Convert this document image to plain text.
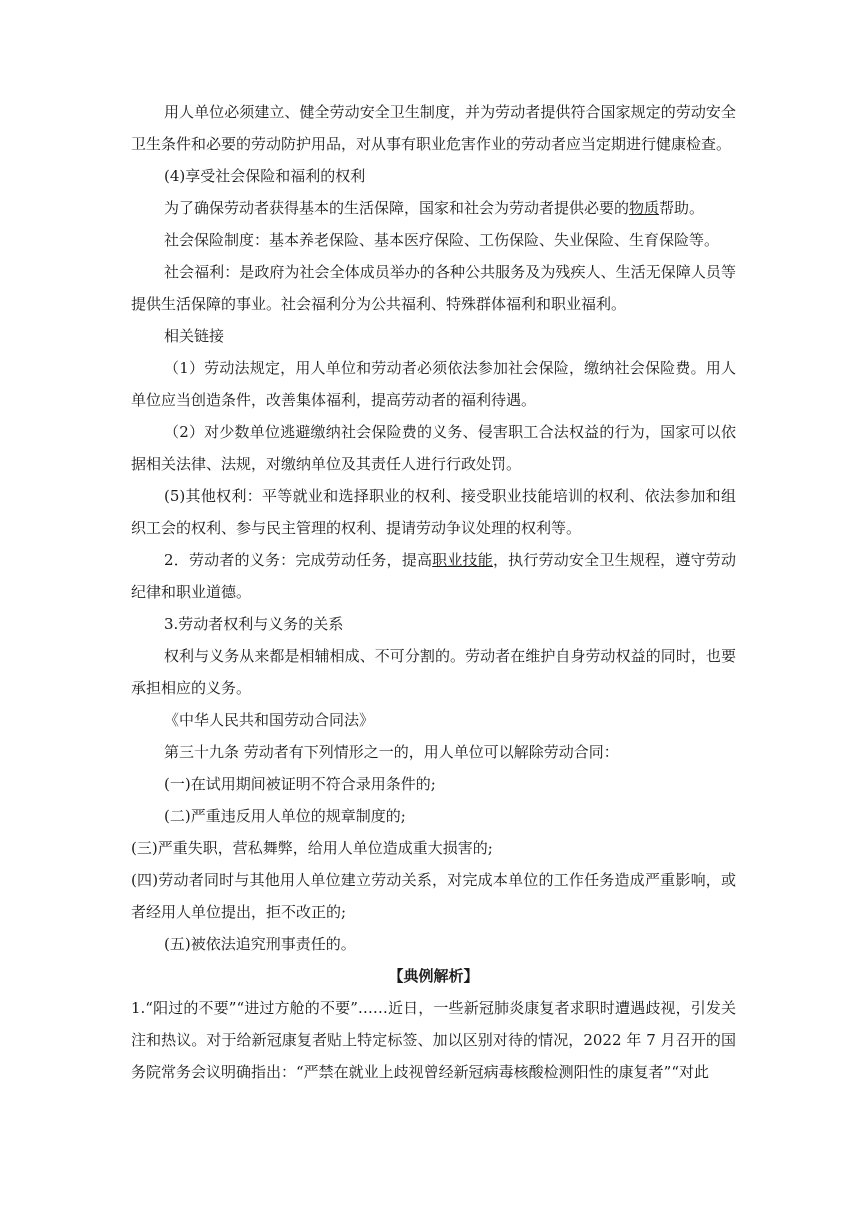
用人单位必须建立、健全劳动安全卫生制度，并为劳动者提供符合国家规定的劳动安全卫生条件和必要的劳动防护用品，对从事有职业危害作业的劳动者应当定期进行健康检查。

(4)享受社会保险和福利的权利

为了确保劳动者获得基本的生活保障，国家和社会为劳动者提供必要的物质帮助。

社会保险制度：基本养老保险、基本医疗保险、工伤保险、失业保险、生育保险等。

社会福利：是政府为社会全体成员举办的各种公共服务及为残疾人、生活无保障人员等提供生活保障的事业。社会福利分为公共福利、特殊群体福利和职业福利。

相关链接

（1）劳动法规定，用人单位和劳动者必须依法参加社会保险，缴纳社会保险费。用人单位应当创造条件，改善集体福利，提高劳动者的福利待遇。

（2）对少数单位逃避缴纳社会保险费的义务、侵害职工合法权益的行为，国家可以依据相关法律、法规，对缴纳单位及其责任人进行行政处罚。

(5)其他权利：平等就业和选择职业的权利、接受职业技能培训的权利、依法参加和组织工会的权利、参与民主管理的权利、提请劳动争议处理的权利等。

2．劳动者的义务：完成劳动任务，提高职业技能，执行劳动安全卫生规程，遵守劳动纪律和职业道德。

3.劳动者权利与义务的关系

权利与义务从来都是相辅相成、不可分割的。劳动者在维护自身劳动权益的同时，也要承担相应的义务。

《中华人民共和国劳动合同法》

第三十九条 劳动者有下列情形之一的，用人单位可以解除劳动合同：

(一)在试用期间被证明不符合录用条件的;

(二)严重违反用人单位的规章制度的;

(三)严重失职，营私舞弊，给用人单位造成重大损害的;

(四)劳动者同时与其他用人单位建立劳动关系，对完成本单位的工作任务造成严重影响，或者经用人单位提出，拒不改正的;

(五)被依法追究刑事责任的。

【典例解析】

1.“阳过的不要”“进过方舱的不要”……近日，一些新冠肺炎康复者求职时遭遇歧视，引发关注和热议。对于给新冠康复者贴上特定标签、加以区别对待的情况，2022 年 7 月召开的国务院常务会议明确指出：“严禁在就业上歧视曾经新冠病毒核酸检测阳性的康复者”“对此
